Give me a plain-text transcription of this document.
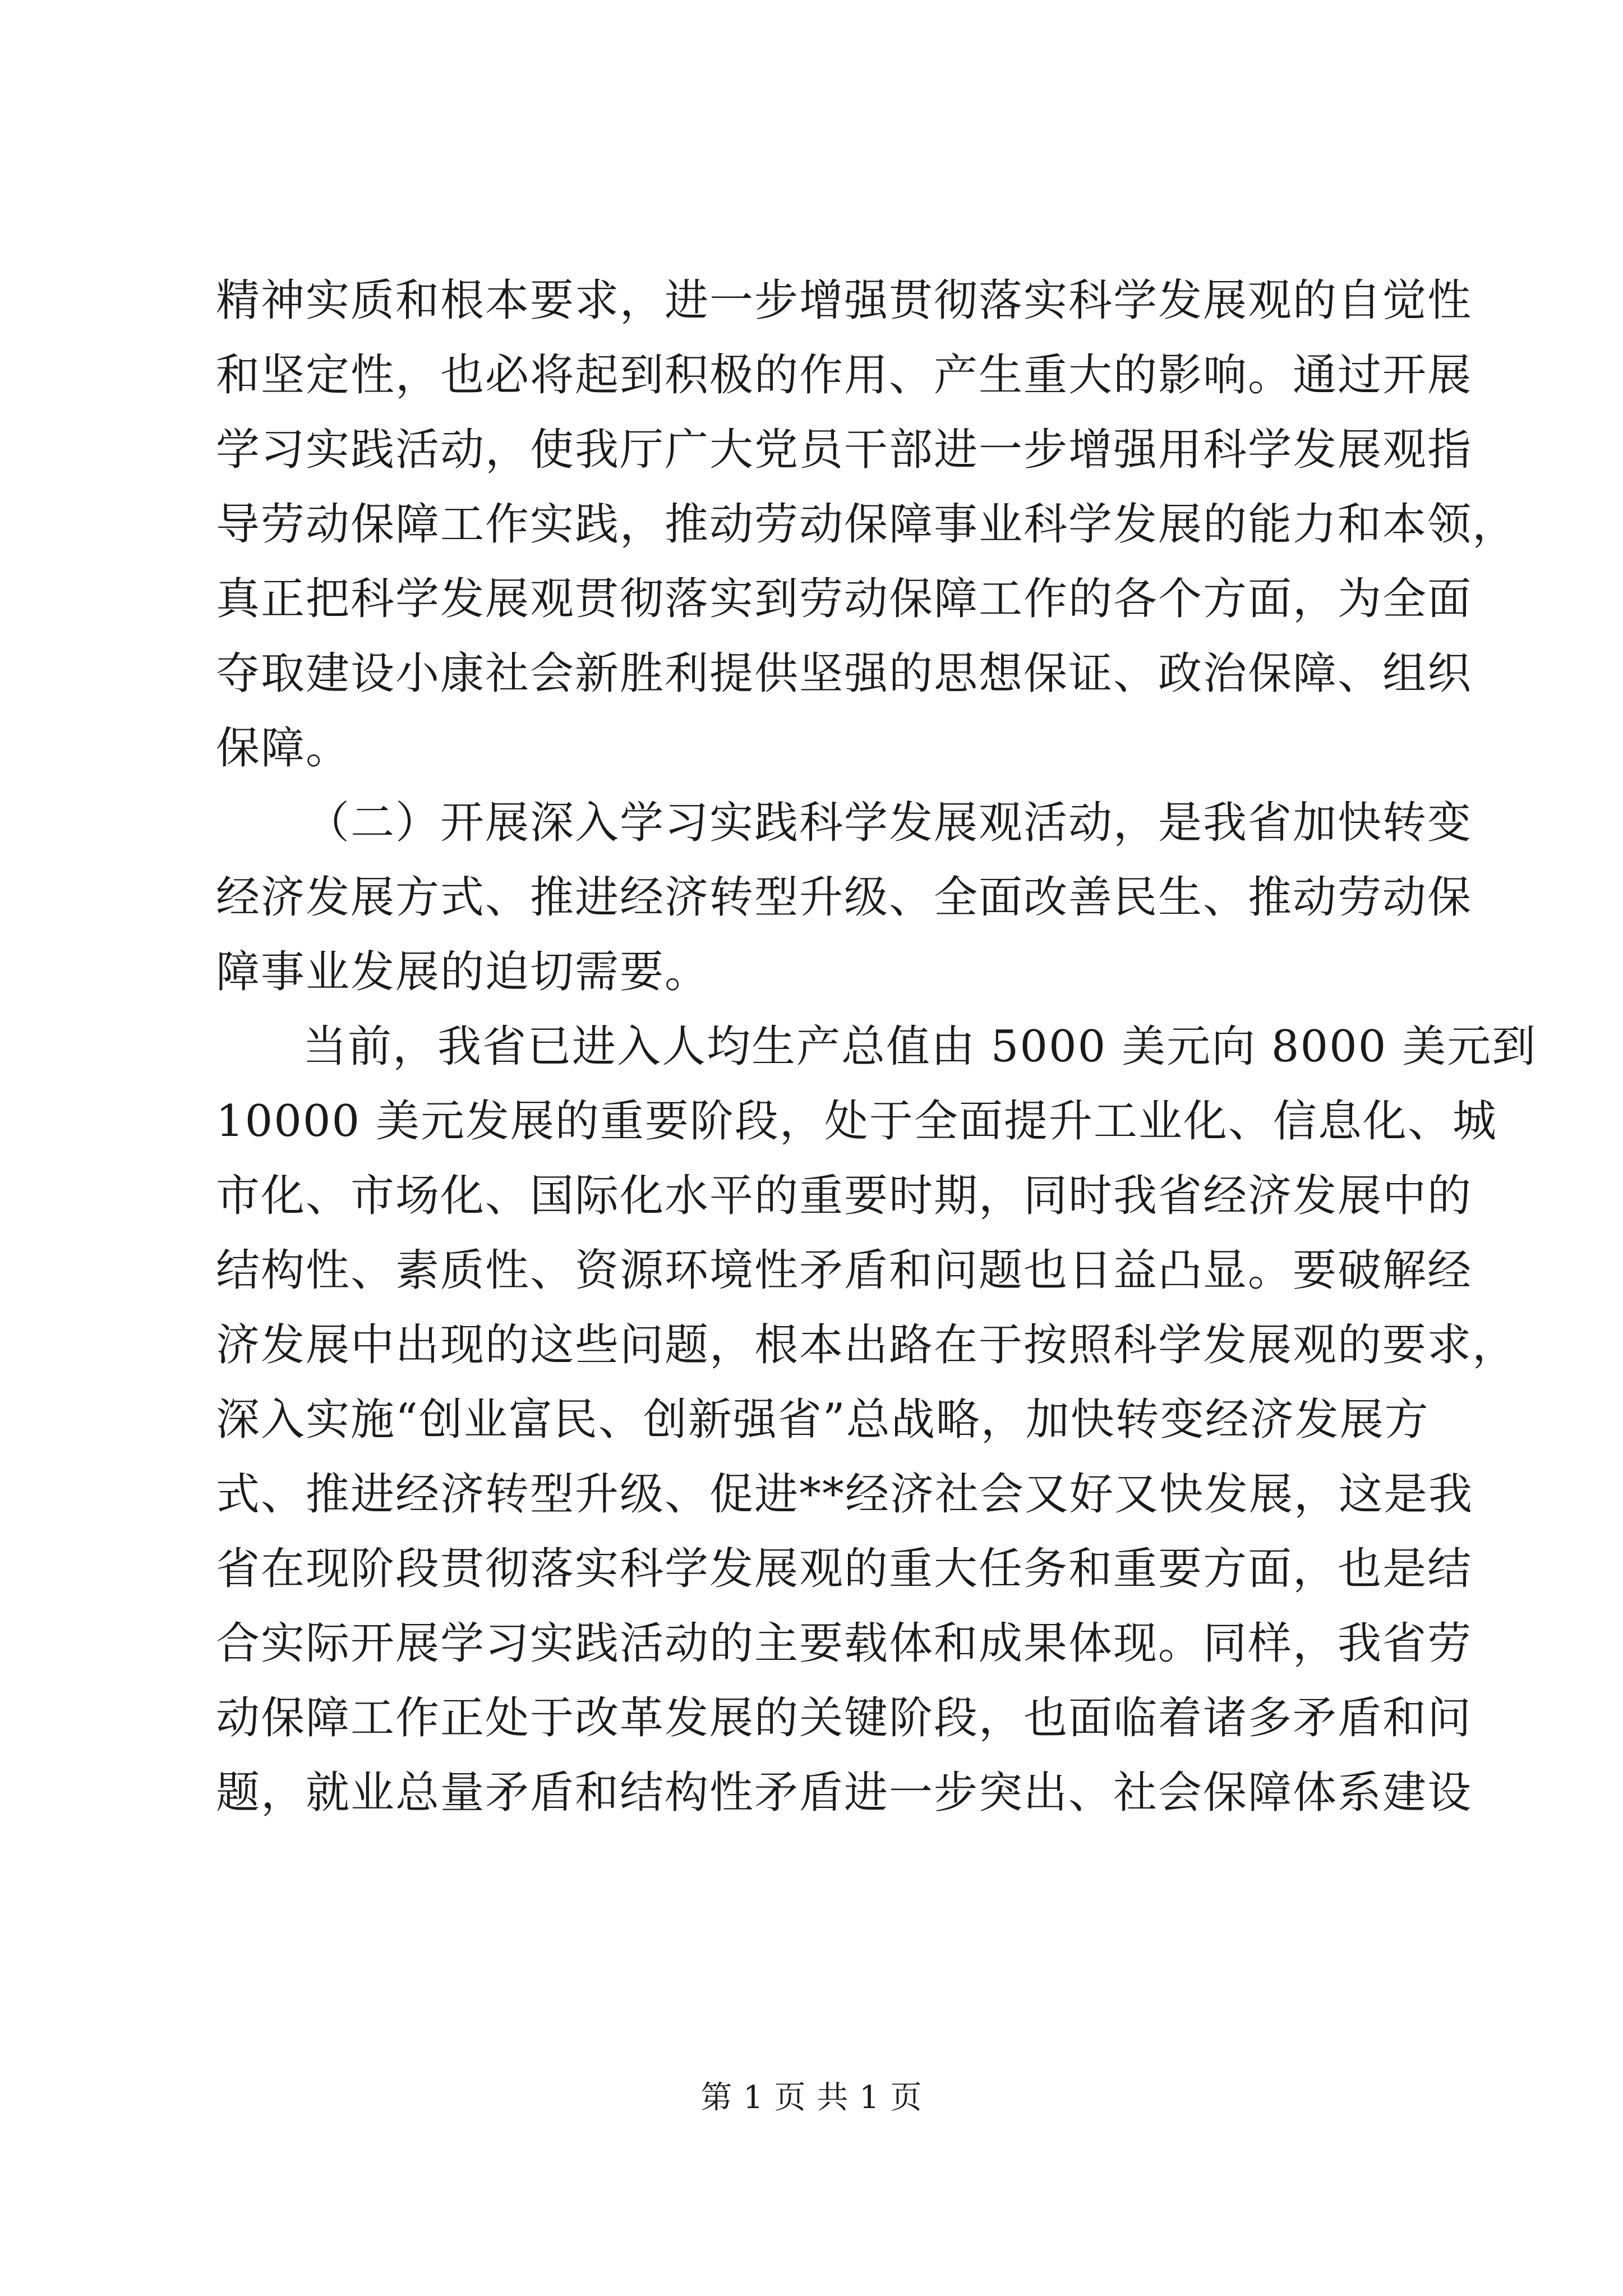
精神实质和根本要求，进一步增强贯彻落实科学发展观的自觉性
和坚定性，也必将起到积极的作用、产生重大的影响。通过开展
学习实践活动，使我厅广大党员干部进一步增强用科学发展观指
导劳动保障工作实践，推动劳动保障事业科学发展的能力和本领，
真正把科学发展观贯彻落实到劳动保障工作的各个方面，为全面
夺取建设小康社会新胜利提供坚强的思想保证、政治保障、组织
保障。
（二）开展深入学习实践科学发展观活动，是我省加快转变
经济发展方式、推进经济转型升级、全面改善民生、推动劳动保
障事业发展的迫切需要。
当前，我省已进入人均生产总值由 5000 美元向 8000 美元到
10000 美元发展的重要阶段，处于全面提升工业化、信息化、城
市化、市场化、国际化水平的重要时期，同时我省经济发展中的
结构性、素质性、资源环境性矛盾和问题也日益凸显。要破解经
济发展中出现的这些问题，根本出路在于按照科学发展观的要求，
深入实施“创业富民、创新强省”总战略，加快转变经济发展方
式、推进经济转型升级、促进**经济社会又好又快发展，这是我
省在现阶段贯彻落实科学发展观的重大任务和重要方面，也是结
合实际开展学习实践活动的主要载体和成果体现。同样，我省劳
动保障工作正处于改革发展的关键阶段，也面临着诸多矛盾和问
题，就业总量矛盾和结构性矛盾进一步突出、社会保障体系建设
第 1 页 共 1 页
